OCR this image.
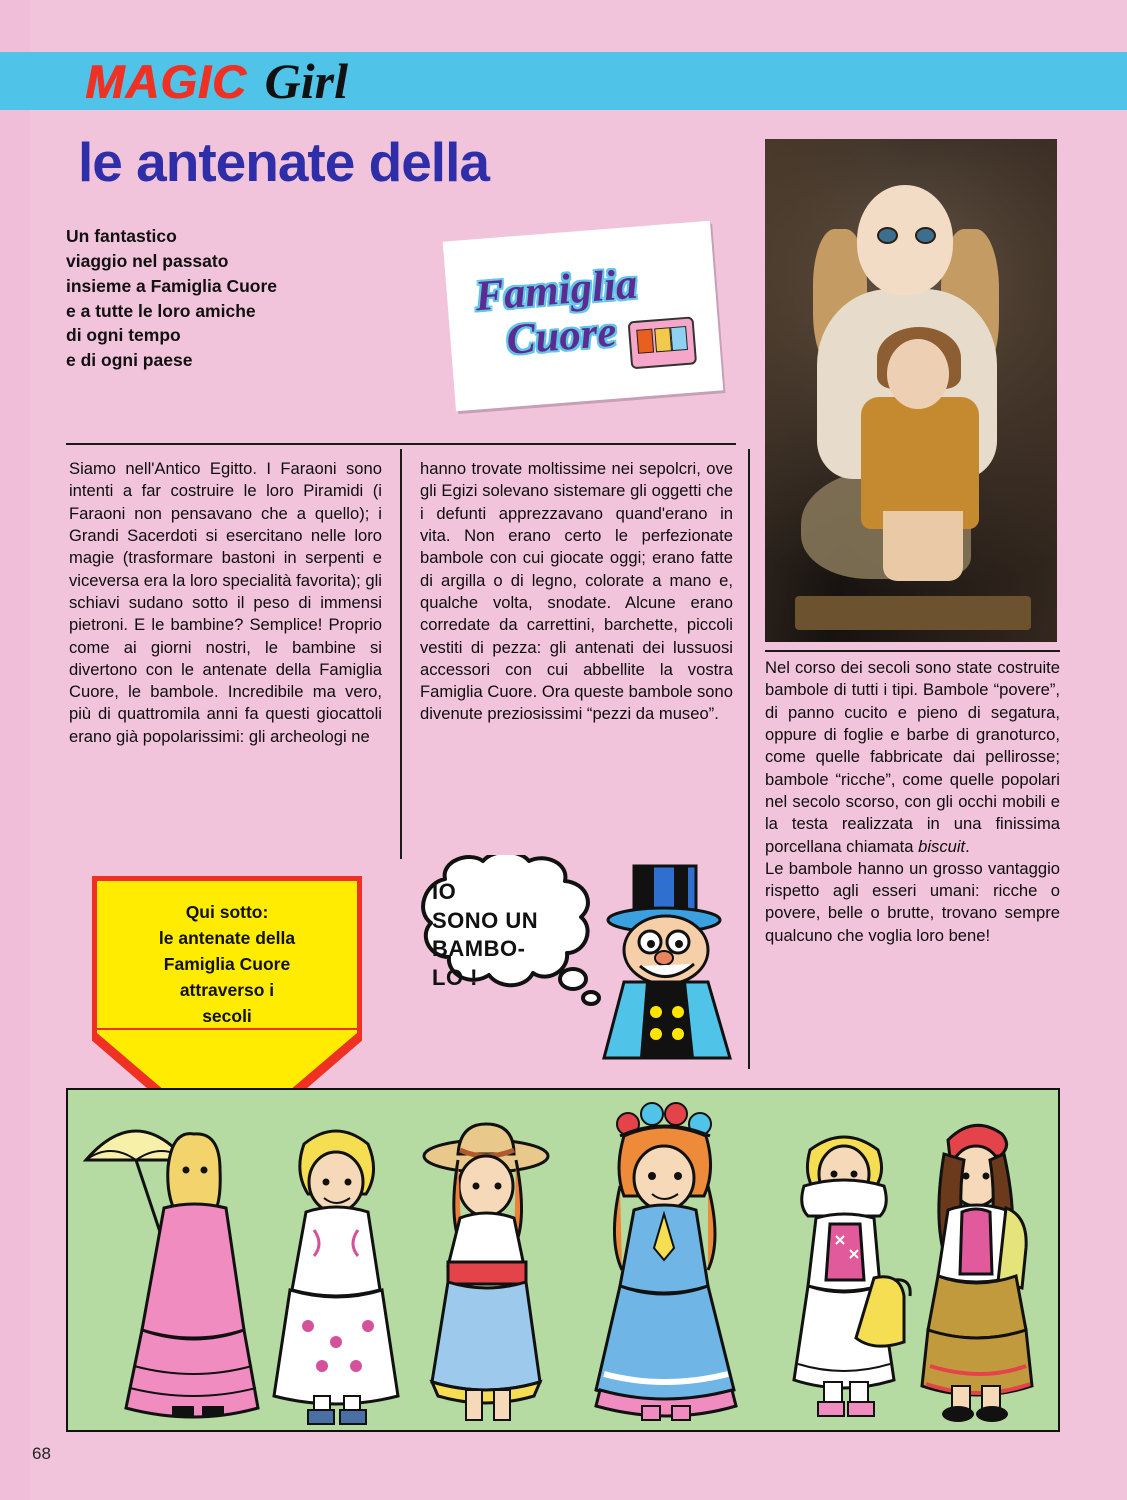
MAGIC Girl
le antenate della
Un fantastico
viaggio nel passato
insieme a Famiglia Cuore
e a tutte le loro amiche
di ogni tempo
e di ogni paese
Famiglia
Cuore

Siamo nell'Antico Egitto. I Faraoni sono intenti a far costruire le loro Piramidi (i Faraoni non pensavano che a quello); i Grandi Sacerdoti si esercitano nelle loro magie (trasformare bastoni in serpenti e viceversa era la loro specialità favorita); gli schiavi sudano sotto il peso di immensi pietroni. E le bambine? Semplice! Proprio come ai giorni nostri, le bambine si divertono con le antenate della Famiglia Cuore, le bambole. Incredibile ma vero, più di quattromila anni fa questi giocattoli erano già popolarissimi: gli archeologi ne

hanno trovate moltissime nei sepolcri, ove gli Egizi solevano sistemare gli oggetti che i defunti apprezzavano quand'erano in vita. Non erano certo le perfezionate bambole con cui giocate oggi; erano fatte di argilla o di legno, colorate a mano e, qualche volta, snodate. Alcune erano corredate da carrettini, barchette, piccoli vestiti di pezza: gli antenati dei lussuosi accessori con cui abbellite la vostra Famiglia Cuore. Ora queste bambole sono divenute preziosissimi “pezzi da museo”.

Nel corso dei secoli sono state costruite bambole di tutti i tipi. Bambole “povere”, di panno cucito e pieno di segatura, oppure di foglie e barbe di granoturco, come quelle fabbricate dai pellirosse; bambole “ricche”, come quelle popolari nel secolo scorso, con gli occhi mobili e la testa realizzata in una finissima porcellana chiamata biscuit.

Le bambole hanno un grosso vantaggio rispetto agli esseri umani: ricche o povere, belle o brutte, trovano sempre qualcuno che voglia loro bene!

Qui sotto:
le antenate della
Famiglia Cuore
attraverso i
secoli
IO
SONO UN
BAMBO-
LO !
68
